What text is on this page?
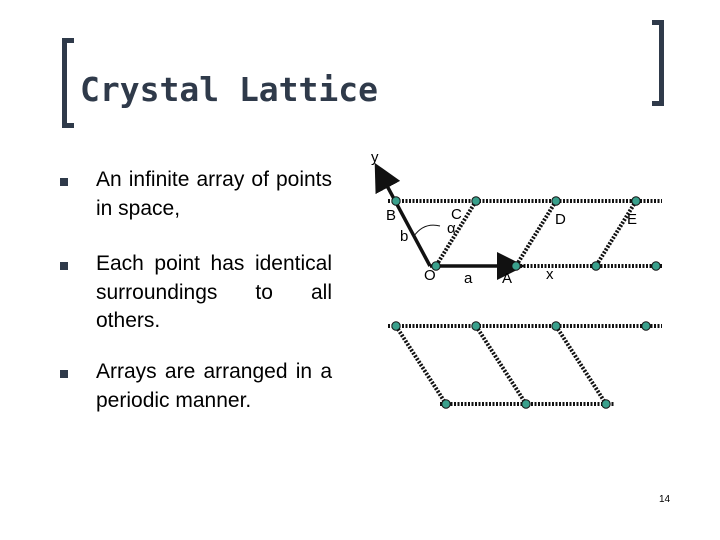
Crystal Lattice
An infinite array of points in space,
Each point has identical surroundings to all others.
Arrays are arranged in a periodic manner.
y
B	C	D	E
b	α
O a A x
14
